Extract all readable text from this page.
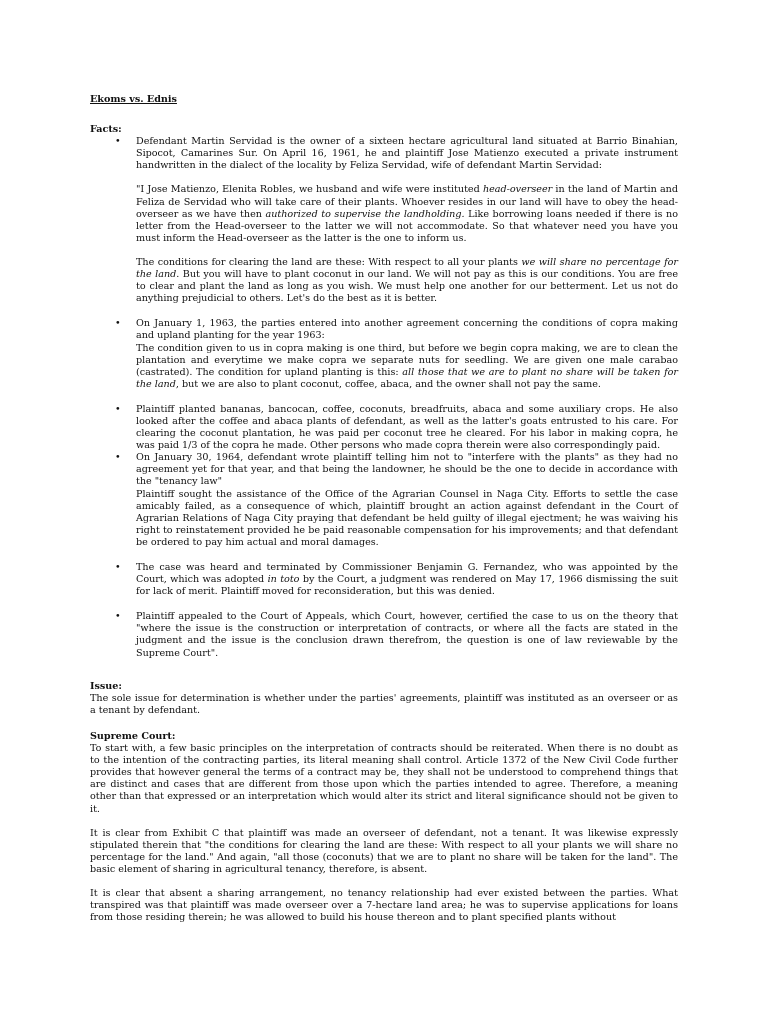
Ekoms vs. Ednis

Facts:

• Defendant Martin Servidad is the owner of a sixteen hectare agricultural land situated at Barrio Binahian, Sipocot, Camarines Sur. On April 16, 1961, he and plaintiff Jose Matienzo executed a private instrument handwritten in the dialect of the locality by Feliza Servidad, wife of defendant Martin Servidad:

"I Jose Matienzo, Elenita Robles, we husband and wife were instituted head-overseer in the land of Martin and Feliza de Servidad who will take care of their plants. Whoever resides in our land will have to obey the head-overseer as we have then authorized to supervise the landholding. Like borrowing loans needed if there is no letter from the Head-overseer to the latter we will not accommodate. So that whatever need you have you must inform the Head-overseer as the latter is the one to inform us.

The conditions for clearing the land are these: With respect to all your plants we will share no percentage for the land. But you will have to plant coconut in our land. We will not pay as this is our conditions. You are free to clear and plant the land as long as you wish. We must help one another for our betterment. Let us not do anything prejudicial to others. Let's do the best as it is better.

• On January 1, 1963, the parties entered into another agreement concerning the conditions of copra making and upland planting for the year 1963:

The condition given to us in copra making is one third, but before we begin copra making, we are to clean the plantation and everytime we make copra we separate nuts for seedling. We are given one male carabao (castrated). The condition for upland planting is this: all those that we are to plant no share will be taken for the land, but we are also to plant coconut, coffee, abaca, and the owner shall not pay the same.

• Plaintiff planted bananas, bancocan, coffee, coconuts, breadfruits, abaca and some auxiliary crops. He also looked after the coffee and abaca plants of defendant, as well as the latter's goats entrusted to his care. For clearing the coconut plantation, he was paid per coconut tree he cleared. For his labor in making copra, he was paid 1/3 of the copra he made. Other persons who made copra therein were also correspondingly paid.

• On January 30, 1964, defendant wrote plaintiff telling him not to "interfere with the plants" as they had no agreement yet for that year, and that being the landowner, he should be the one to decide in accordance with the "tenancy law"

Plaintiff sought the assistance of the Office of the Agrarian Counsel in Naga City. Efforts to settle the case amicably failed, as a consequence of which, plaintiff brought an action against defendant in the Court of Agrarian Relations of Naga City praying that defendant be held guilty of illegal ejectment; he was waiving his right to reinstatement provided he be paid reasonable compensation for his improvements; and that defendant be ordered to pay him actual and moral damages.

• The case was heard and terminated by Commissioner Benjamin G. Fernandez, who was appointed by the Court, which was adopted in toto by the Court, a judgment was rendered on May 17, 1966 dismissing the suit for lack of merit. Plaintiff moved for reconsideration, but this was denied.

• Plaintiff appealed to the Court of Appeals, which Court, however, certified the case to us on the theory that "where the issue is the construction or interpretation of contracts, or where all the facts are stated in the judgment and the issue is the conclusion drawn therefrom, the question is one of law reviewable by the Supreme Court".

Issue:

The sole issue for determination is whether under the parties' agreements, plaintiff was instituted as an overseer or as a tenant by defendant.

Supreme Court:

To start with, a few basic principles on the interpretation of contracts should be reiterated. When there is no doubt as to the intention of the contracting parties, its literal meaning shall control. Article 1372 of the New Civil Code further provides that however general the terms of a contract may be, they shall not be understood to comprehend things that are distinct and cases that are different from those upon which the parties intended to agree. Therefore, a meaning other than that expressed or an interpretation which would alter its strict and literal significance should not be given to it.

It is clear from Exhibit C that plaintiff was made an overseer of defendant, not a tenant. It was likewise expressly stipulated therein that "the conditions for clearing the land are these: With respect to all your plants we will share no percentage for the land." And again, "all those (coconuts) that we are to plant no share will be taken for the land". The basic element of sharing in agricultural tenancy, therefore, is absent.

It is clear that absent a sharing arrangement, no tenancy relationship had ever existed between the parties. What transpired was that plaintiff was made overseer over a 7-hectare land area; he was to supervise applications for loans from those residing therein; he was allowed to build his house thereon and to plant specified plants without
